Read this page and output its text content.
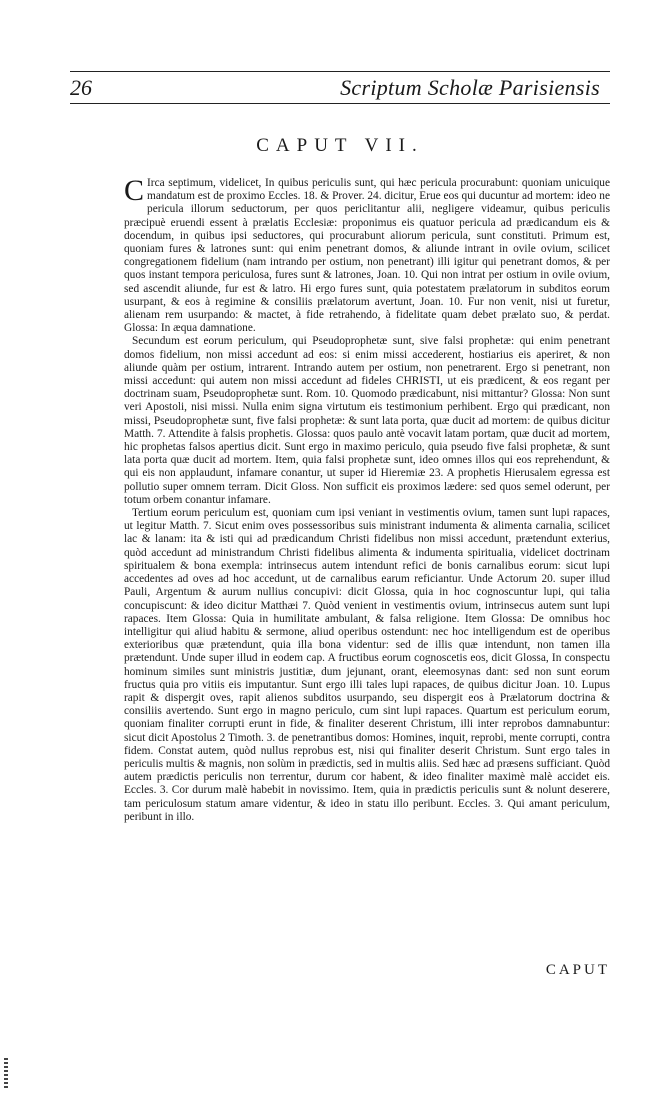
26	Scriptum Scholæ Parisiensis
CAPUT VII.

C Irca septimum, videlicet, In quibus periculis sunt, qui hæc pericula procurabunt: quoniam unicuique mandatum est de proximo Eccles. 18. & Prover. 24. dicitur, Erue eos qui ducuntur ad mortem: ideo ne pericula illorum seductorum, per quos periclitantur alii, negligere videamur, quibus periculis præcipuè eruendi essent à prælatis Ecclesiæ: proponimus eis quatuor pericula ad prædicandum eis & docendum, in quibus ipsi seductores, qui procurabunt aliorum pericula, sunt constituti. Primum est, quoniam fures & latrones sunt: qui enim penetrant domos, & aliunde intrant in ovile ovium, scilicet congregationem fidelium (nam intrando per ostium, non penetrant) illi igitur qui penetrant domos, & per quos instant tempora periculosa, fures sunt & latrones, Joan. 10. Qui non intrat per ostium in ovile ovium, sed ascendit aliunde, fur est & latro. Hi ergo fures sunt, quia potestatem prælatorum in subditos eorum usurpant, & eos à regimine & consiliis prælatorum avertunt, Joan. 10. Fur non venit, nisi ut furetur, alienam rem usurpando: & mactet, à fide retrahendo, à fidelitate quam debet prælato suo, & perdat. Glossa: In æqua damnatione.

Secundum est eorum periculum, qui Pseudoprophetæ sunt, sive falsi prophetæ: qui enim penetrant domos fidelium, non missi accedunt ad eos: si enim missi accederent, hostiarius eis aperiret, & non aliunde quàm per ostium, intrarent. Intrando autem per ostium, non penetrarent. Ergo si penetrant, non missi accedunt: qui autem non missi accedunt ad fideles CHRISTI, ut eis prædicent, & eos regant per doctrinam suam, Pseudoprophetæ sunt. Rom. 10. Quomodo prædicabunt, nisi mittantur? Glossa: Non sunt veri Apostoli, nisi missi. Nulla enim signa virtutum eis testimonium perhibent. Ergo qui prædicant, non missi, Pseudoprophetæ sunt, five falsi prophetæ: & sunt lata porta, quæ ducit ad mortem: de quibus dicitur Matth. 7. Attendite à falsis prophetis. Glossa: quos paulo antè vocavit latam portam, quæ ducit ad mortem, hic prophetas falsos apertius dicit. Sunt ergo in maximo periculo, quia pseudo five falsi prophetæ, & sunt lata porta quæ ducit ad mortem. Item, quia falsi prophetæ sunt, ideo omnes illos qui eos reprehendunt, & qui eis non applaudunt, infamare conantur, ut super id Hieremiæ 23. A prophetis Hierusalem egressa est pollutio super omnem terram. Dicit Gloss. Non sufficit eis proximos lædere: sed quos semel oderunt, per totum orbem conantur infamare.

Tertium eorum periculum est, quoniam cum ipsi veniant in vestimentis ovium, tamen sunt lupi rapaces, ut legitur Matth. 7. Sicut enim oves possessoribus suis ministrant indumenta & alimenta carnalia, scilicet lac & lanam: ita & isti qui ad prædicandum Christi fidelibus non missi accedunt, prætendunt exterius, quòd accedunt ad ministrandum Christi fidelibus alimenta & indumenta spiritualia, videlicet doctrinam spiritualem & bona exempla: intrinsecus autem intendunt refici de bonis carnalibus eorum: sicut lupi accedentes ad oves ad hoc accedunt, ut de carnalibus earum reficiantur. Unde Actorum 20. super illud Pauli, Argentum & aurum nullius concupivi: dicit Glossa, quia in hoc cognoscuntur lupi, qui talia concupiscunt: & ideo dicitur Matthæi 7. Quòd venient in vestimentis ovium, intrinsecus autem sunt lupi rapaces. Item Glossa: Quia in humilitate ambulant, & falsa religione. Item Glossa: De omnibus hoc intelligitur qui aliud habitu & sermone, aliud operibus ostendunt: nec hoc intelligendum est de operibus exterioribus quæ prætendunt, quia illa bona videntur: sed de illis quæ intendunt, non tamen illa prætendunt. Unde super illud in eodem cap. A fructibus eorum cognoscetis eos, dicit Glossa, In conspectu hominum similes sunt ministris justitiæ, dum jejunant, orant, eleemosynas dant: sed non sunt eorum fructus quia pro vitiis eis imputantur. Sunt ergo illi tales lupi rapaces, de quibus dicitur Joan. 10. Lupus rapit & dispergit oves, rapit alienos subditos usurpando, seu dispergit eos à Prælatorum doctrina & consiliis avertendo. Sunt ergo in magno periculo, cum sint lupi rapaces. Quartum est periculum eorum, quoniam finaliter corrupti erunt in fide, & finaliter deserent Christum, illi inter reprobos damnabuntur: sicut dicit Apostolus 2 Timoth. 3. de penetrantibus domos: Homines, inquit, reprobi, mente corrupti, contra fidem. Constat autem, quòd nullus reprobus est, nisi qui finaliter deserit Christum. Sunt ergo tales in periculis multis & magnis, non solùm in prædictis, sed in multis aliis. Sed hæc ad præsens sufficiant. Quòd autem prædictis periculis non terrentur, durum cor habent, & ideo finaliter maximè malè accidet eis. Eccles. 3. Cor durum malè habebit in novissimo. Item, quia in prædictis periculis sunt & nolunt deserere, tam periculosum statum amare videntur, & ideo in statu illo peribunt. Eccles. 3. Qui amant periculum, peribunt in illo.

CAPUT
